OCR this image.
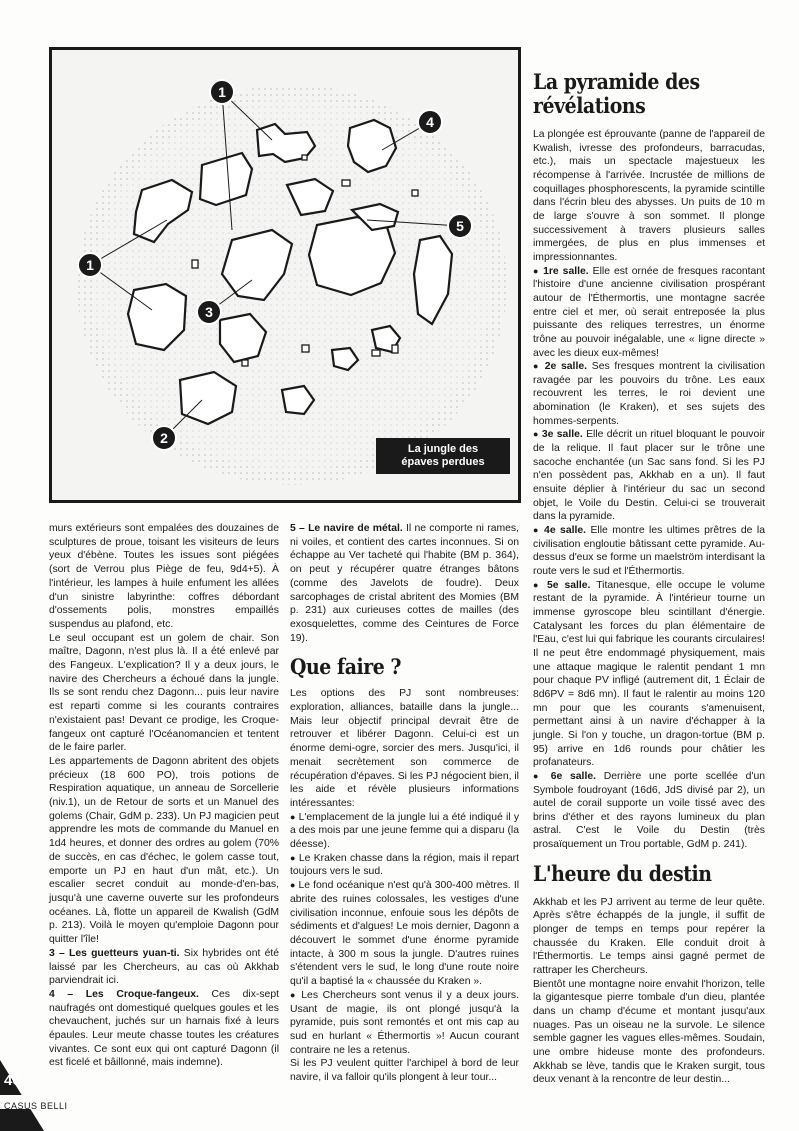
1
4
5
1
3
2
La jungle des
épaves perdues
La pyramide des révélations

La plongée est éprouvante (panne de l'appareil de Kwalish, ivresse des profondeurs, barracudas, etc.), mais un spectacle majestueux les récompense à l'arrivée. Incrustée de millions de coquillages phosphorescents, la pyramide scintille dans l'écrin bleu des abysses. Un puits de 10 m de large s'ouvre à son sommet. Il plonge successivement à travers plusieurs salles immergées, de plus en plus immenses et impressionnantes.

● 1re salle. Elle est ornée de fresques racontant l'histoire d'une ancienne civilisation prospérant autour de l'Éthermortis, une montagne sacrée entre ciel et mer, où serait entreposée la plus puissante des reliques terrestres, un énorme trône au pouvoir inégalable, une « ligne directe » avec les dieux eux-mêmes!

● 2e salle. Ses fresques montrent la civilisation ravagée par les pouvoirs du trône. Les eaux recouvrent les terres, le roi devient une abomination (le Kraken), et ses sujets des hommes-serpents.

● 3e salle. Elle décrit un rituel bloquant le pouvoir de la relique. Il faut placer sur le trône une sacoche enchantée (un Sac sans fond. Si les PJ n'en possèdent pas, Akkhab en a un). Il faut ensuite déplier à l'intérieur du sac un second objet, le Voile du Destin. Celui-ci se trouverait dans la pyramide.

● 4e salle. Elle montre les ultimes prêtres de la civilisation engloutie bâtissant cette pyramide. Au-dessus d'eux se forme un maelström interdisant la route vers le sud et l'Éthermortis.

● 5e salle. Titanesque, elle occupe le volume restant de la pyramide. À l'intérieur tourne un immense gyroscope bleu scintillant d'énergie. Catalysant les forces du plan élémentaire de l'Eau, c'est lui qui fabrique les courants circulaires! Il ne peut être endommagé physiquement, mais une attaque magique le ralentit pendant 1 mn pour chaque PV infligé (autrement dit, 1 Éclair de 8d6PV = 8d6 mn). Il faut le ralentir au moins 120 mn pour que les courants s'amenuisent, permettant ainsi à un navire d'échapper à la jungle. Si l'on y touche, un dragon-tortue (BM p. 95) arrive en 1d6 rounds pour châtier les profanateurs.

● 6e salle. Derrière une porte scellée d'un Symbole foudroyant (16d6, JdS divisé par 2), un autel de corail supporte un voile tissé avec des brins d'éther et des rayons lumineux du plan astral. C'est le Voile du Destin (très prosaïquement un Trou portable, GdM p. 241).

L'heure du destin

Akkhab et les PJ arrivent au terme de leur quête. Après s'être échappés de la jungle, il suffit de plonger de temps en temps pour repérer la chaussée du Kraken. Elle conduit droit à l'Éthermortis. Le temps ainsi gagné permet de rattraper les Chercheurs.

Bientôt une montagne noire envahit l'horizon, telle la gigantesque pierre tombale d'un dieu, plantée dans un champ d'écume et montant jusqu'aux nuages. Pas un oiseau ne la survole. Le silence semble gagner les vagues elles-mêmes. Soudain, une ombre hideuse monte des profondeurs. Akkhab se lève, tandis que le Kraken surgit, tous deux venant à la rencontre de leur destin...

murs extérieurs sont empalées des douzaines de sculptures de proue, toisant les visiteurs de leurs yeux d'ébène. Toutes les issues sont piégées (sort de Verrou plus Piège de feu, 9d4+5). À l'intérieur, les lampes à huile enfument les allées d'un sinistre labyrinthe: coffres débordant d'ossements polis, monstres empaillés suspendus au plafond, etc.

Le seul occupant est un golem de chair. Son maître, Dagonn, n'est plus là. Il a été enlevé par des Fangeux. L'explication? Il y a deux jours, le navire des Chercheurs a échoué dans la jungle. Ils se sont rendu chez Dagonn... puis leur navire est reparti comme si les courants contraires n'existaient pas! Devant ce prodige, les Croque-fangeux ont capturé l'Océanomancien et tentent de le faire parler.

Les appartements de Dagonn abritent des objets précieux (18 600 PO), trois potions de Respiration aquatique, un anneau de Sorcellerie (niv.1), un de Retour de sorts et un Manuel des golems (Chair, GdM p. 233). Un PJ magicien peut apprendre les mots de commande du Manuel en 1d4 heures, et donner des ordres au golem (70% de succès, en cas d'échec, le golem casse tout, emporte un PJ en haut d'un mât, etc.). Un escalier secret conduit au monde-d'en-bas, jusqu'à une caverne ouverte sur les profondeurs océanes. Là, flotte un appareil de Kwalish (GdM p. 213). Voilà le moyen qu'emploie Dagonn pour quitter l'île!

3 – Les guetteurs yuan-ti. Six hybrides ont été laissé par les Chercheurs, au cas où Akkhab parviendrait ici.

4 – Les Croque-fangeux. Ces dix-sept naufragés ont domestiqué quelques goules et les chevauchent, juchés sur un harnais fixé à leurs épaules. Leur meute chasse toutes les créatures vivantes. Ce sont eux qui ont capturé Dagonn (il est ficelé et bâillonné, mais indemne).

5 – Le navire de métal. Il ne comporte ni rames, ni voiles, et contient des cartes inconnues. Si on échappe au Ver tacheté qui l'habite (BM p. 364), on peut y récupérer quatre étranges bâtons (comme des Javelots de foudre). Deux sarcophages de cristal abritent des Momies (BM p. 231) aux curieuses cottes de mailles (des exosquelettes, comme des Ceintures de Force 19).

Que faire ?

Les options des PJ sont nombreuses: exploration, alliances, bataille dans la jungle... Mais leur objectif principal devrait être de retrouver et libérer Dagonn. Celui-ci est un énorme demi-ogre, sorcier des mers. Jusqu'ici, il menait secrètement son commerce de récupération d'épaves. Si les PJ négocient bien, il les aide et révèle plusieurs informations intéressantes:

● L'emplacement de la jungle lui a été indiqué il y a des mois par une jeune femme qui a disparu (la déesse).

● Le Kraken chasse dans la région, mais il repart toujours vers le sud.

● Le fond océanique n'est qu'à 300-400 mètres. Il abrite des ruines colossales, les vestiges d'une civilisation inconnue, enfouie sous les dépôts de sédiments et d'algues! Le mois dernier, Dagonn a découvert le sommet d'une énorme pyramide intacte, à 300 m sous la jungle. D'autres ruines s'étendent vers le sud, le long d'une route noire qu'il a baptisé la « chaussée du Kraken ».

● Les Chercheurs sont venus il y a deux jours. Usant de magie, ils ont plongé jusqu'à la pyramide, puis sont remontés et ont mis cap au sud en hurlant « Éthermortis »! Aucun courant contraire ne les a retenus.

Si les PJ veulent quitter l'archipel à bord de leur navire, il va falloir qu'ils plongent à leur tour...

46
CASUS BELLI
